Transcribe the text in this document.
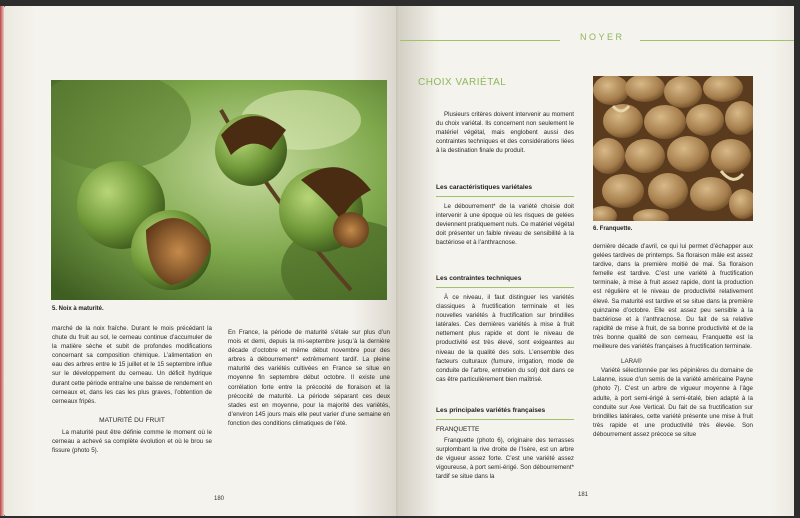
5. Noix à maturité.

marché de la noix fraîche. Durant le mois précédant la chute du fruit au sol, le cerneau continue d’accumuler de la matière sèche et subit de profondes modifications concernant sa composition chimique. L’alimentation en eau des arbres entre le 15 juillet et le 15 septembre influe sur le développement du cerneau. Un déficit hydrique durant cette période entraîne une baisse de rendement en cerneaux et, dans les cas les plus graves, l’obtention de cerneaux fripés.

MATURITÉ DU FRUIT

La maturité peut être définie comme le moment où le cerneau a achevé sa complète évolution et où le brou se fissure (photo 5).

En France, la période de maturité s’étale sur plus d’un mois et demi, depuis la mi-septembre jusqu’à la dernière décade d’octobre et même début novembre pour des arbres à débourrement* extrêmement tardif. La pleine maturité des variétés cultivées en France se situe en moyenne fin septembre début octobre. Il existe une corrélation forte entre la précocité de floraison et la précocité de maturité. La période séparant ces deux stades est en moyenne, pour la majorité des variétés, d’environ 145 jours mais elle peut varier d’une semaine en fonction des conditions climatiques de l’été.

180
6. Franquette.

Plusieurs critères doivent intervenir au moment du choix variétal. Ils concernent non seulement le matériel végétal, mais englobent aussi des contraintes techniques et des considérations liées à la destination finale du produit.

Les caractéristiques variétales

Le débourrement* de la variété choisie doit intervenir à une époque où les risques de gelées deviennent pratiquement nuls. Ce matériel végétal doit présenter un faible niveau de sensibilité à la bactériose et à l’anthracnose.

Les contraintes techniques

À ce niveau, il faut distinguer les variétés classiques à fructification terminale et les nouvelles variétés à fructification sur brindilles latérales. Ces dernières variétés à mise à fruit nettement plus rapide et dont le niveau de productivité est très élevé, sont exigeantes au niveau de la qualité des sols. L’ensemble des facteurs culturaux (fumure, irrigation, mode de conduite de l’arbre, entretien du sol) doit dans ce cas être particulièrement bien maîtrisé.

Les principales variétés françaises
FRANQUETTE

Franquette (photo 6), originaire des terrasses surplombant la rive droite de l’Isère, est un arbre de vigueur assez forte. C’est une variété assez vigoureuse, à port semi-érigé. Son débourrement* tardif se situe dans la

dernière décade d’avril, ce qui lui permet d’échapper aux gelées tardives de printemps. Sa floraison mâle est assez tardive, dans la première moitié de mai. Sa floraison femelle est tardive. C’est une variété à fructification terminale, à mise à fruit assez rapide, dont la production est régulière et le niveau de productivité relativement élevé. Sa maturité est tardive et se situe dans la première quinzaine d’octobre. Elle est assez peu sensible à la bactériose et à l’anthracnose. Du fait de sa relative rapidité de mise à fruit, de sa bonne productivité et de la très bonne qualité de son cerneau, Franquette est la meilleure des variétés françaises à fructification terminale.

LARA®

Variété sélectionnée par les pépinières du domaine de Lalanne, issue d’un semis de la variété américaine Payne (photo 7). C’est un arbre de vigueur moyenne à l’âge adulte, à port semi-érigé à semi-étalé, bien adapté à la conduite sur Axe Vertical. Du fait de sa fructification sur brindilles latérales, cette variété présente une mise à fruit très rapide et une productivité très élevée. Son débourrement assez précoce se situe

181
NOYER
CHOIX VARIÉTAL
